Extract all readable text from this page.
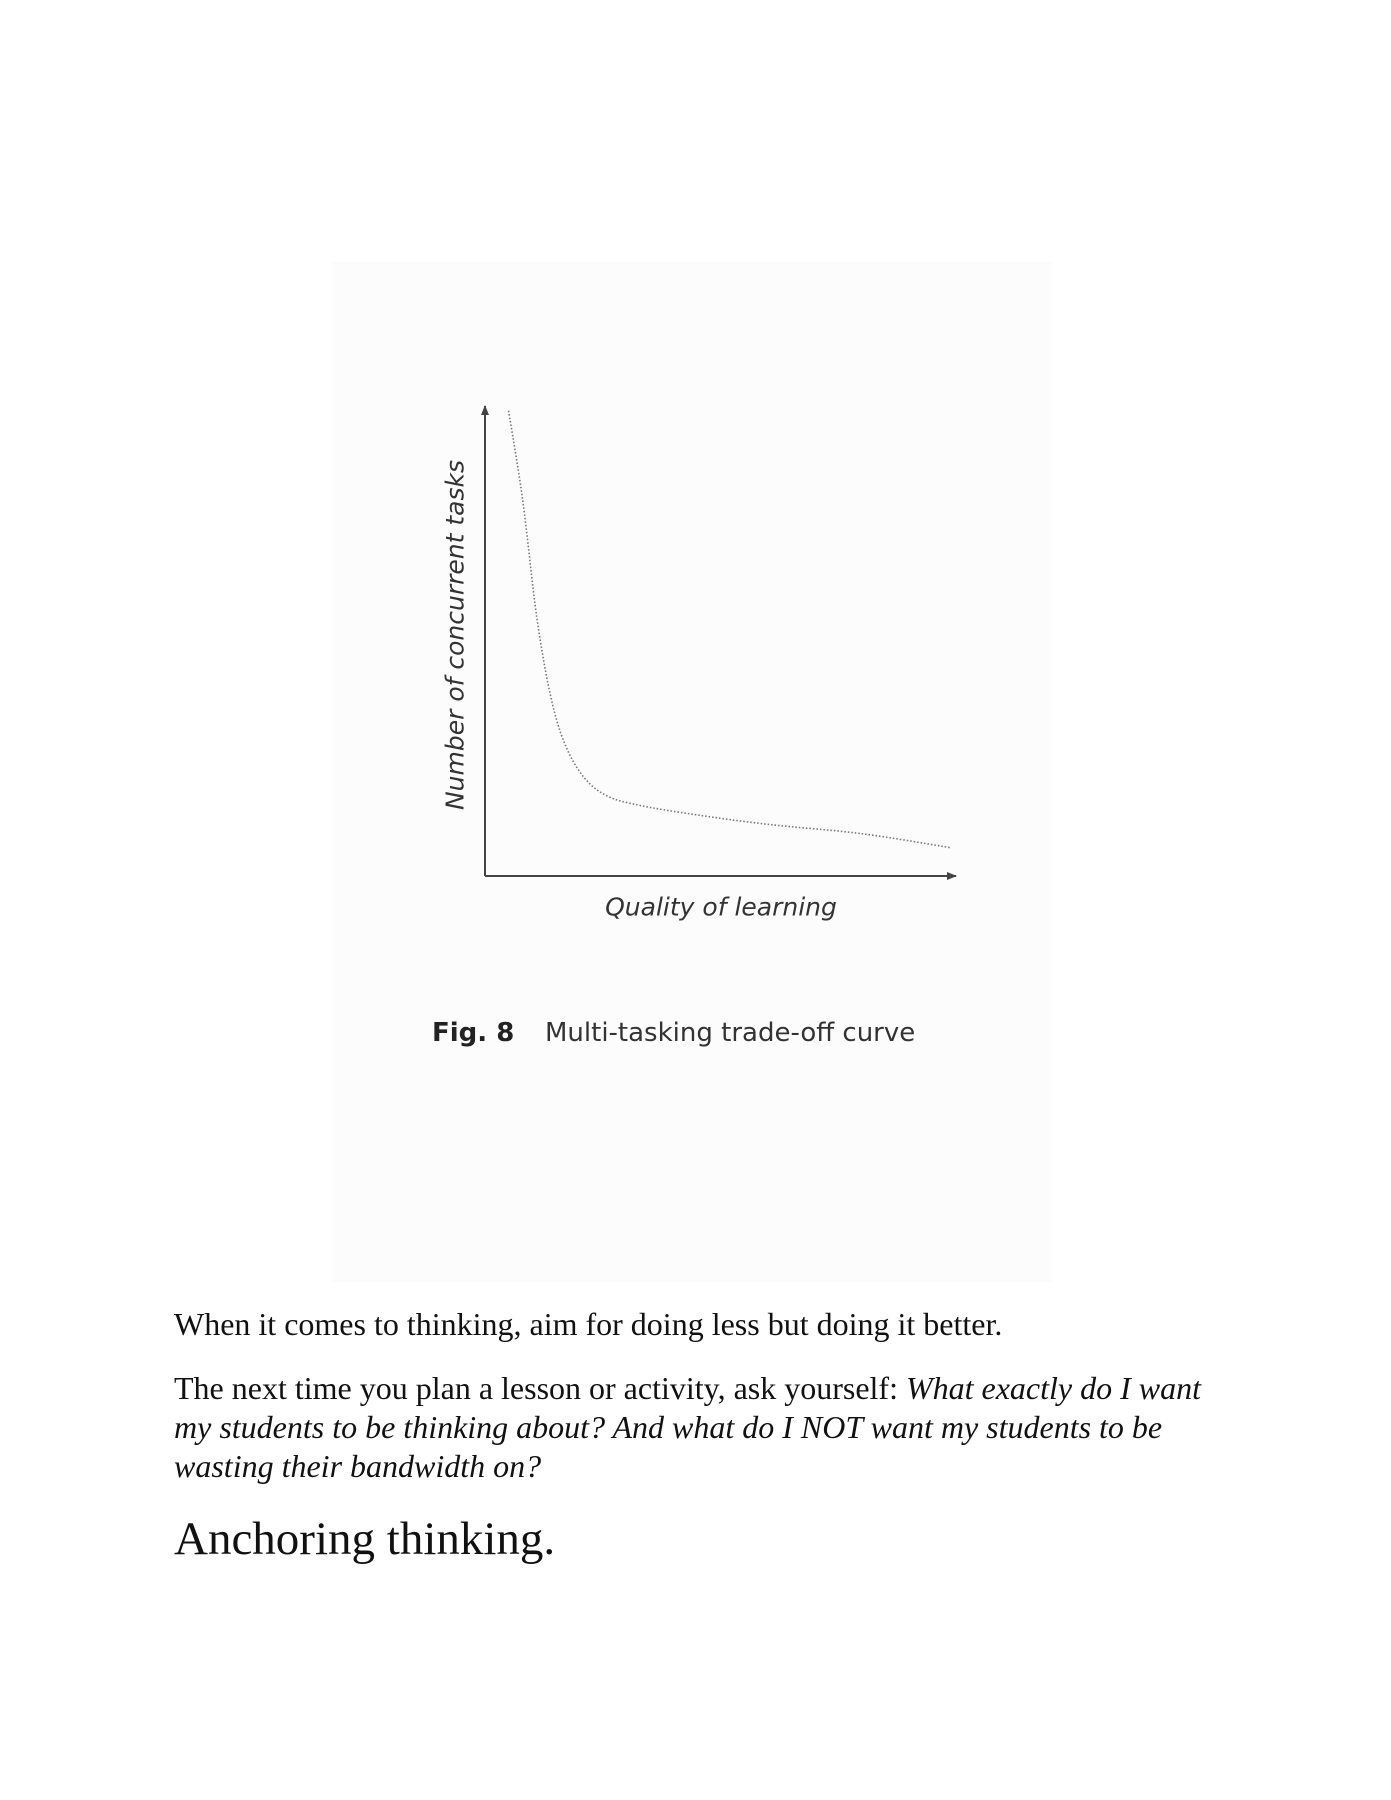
Number of concurrent tasks
Quality of learning
Fig. 8 Multi-tasking trade-off curve

When it comes to thinking, aim for doing less but doing it better.

The next time you plan a lesson or activity, ask yourself: What exactly do I want my students to be thinking about? And what do I NOT want my students to be wasting their bandwidth on?

Anchoring thinking.
